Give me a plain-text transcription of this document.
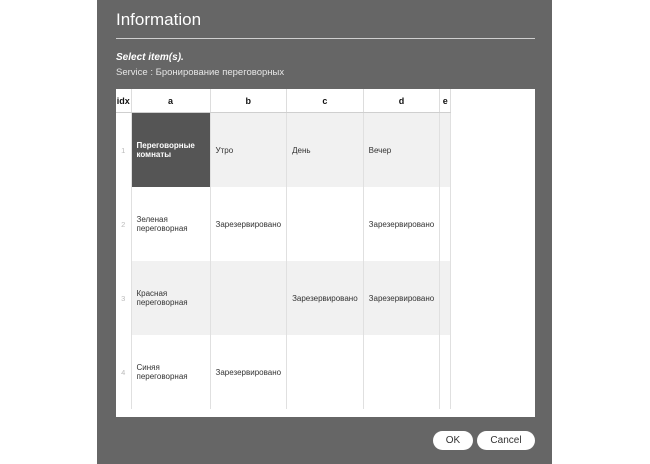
Information
Select item(s).
Service : Бронирование переговорных
idx	a	b	c	d	e
1	Переговорные комнаты	Утро	День	Вечер	
2	Зеленая переговорная	Зарезервировано		Зарезервировано	
3	Красная переговорная		Зарезервировано	Зарезервировано	
4	Синяя переговорная	Зарезервировано			
OK	Cancel
